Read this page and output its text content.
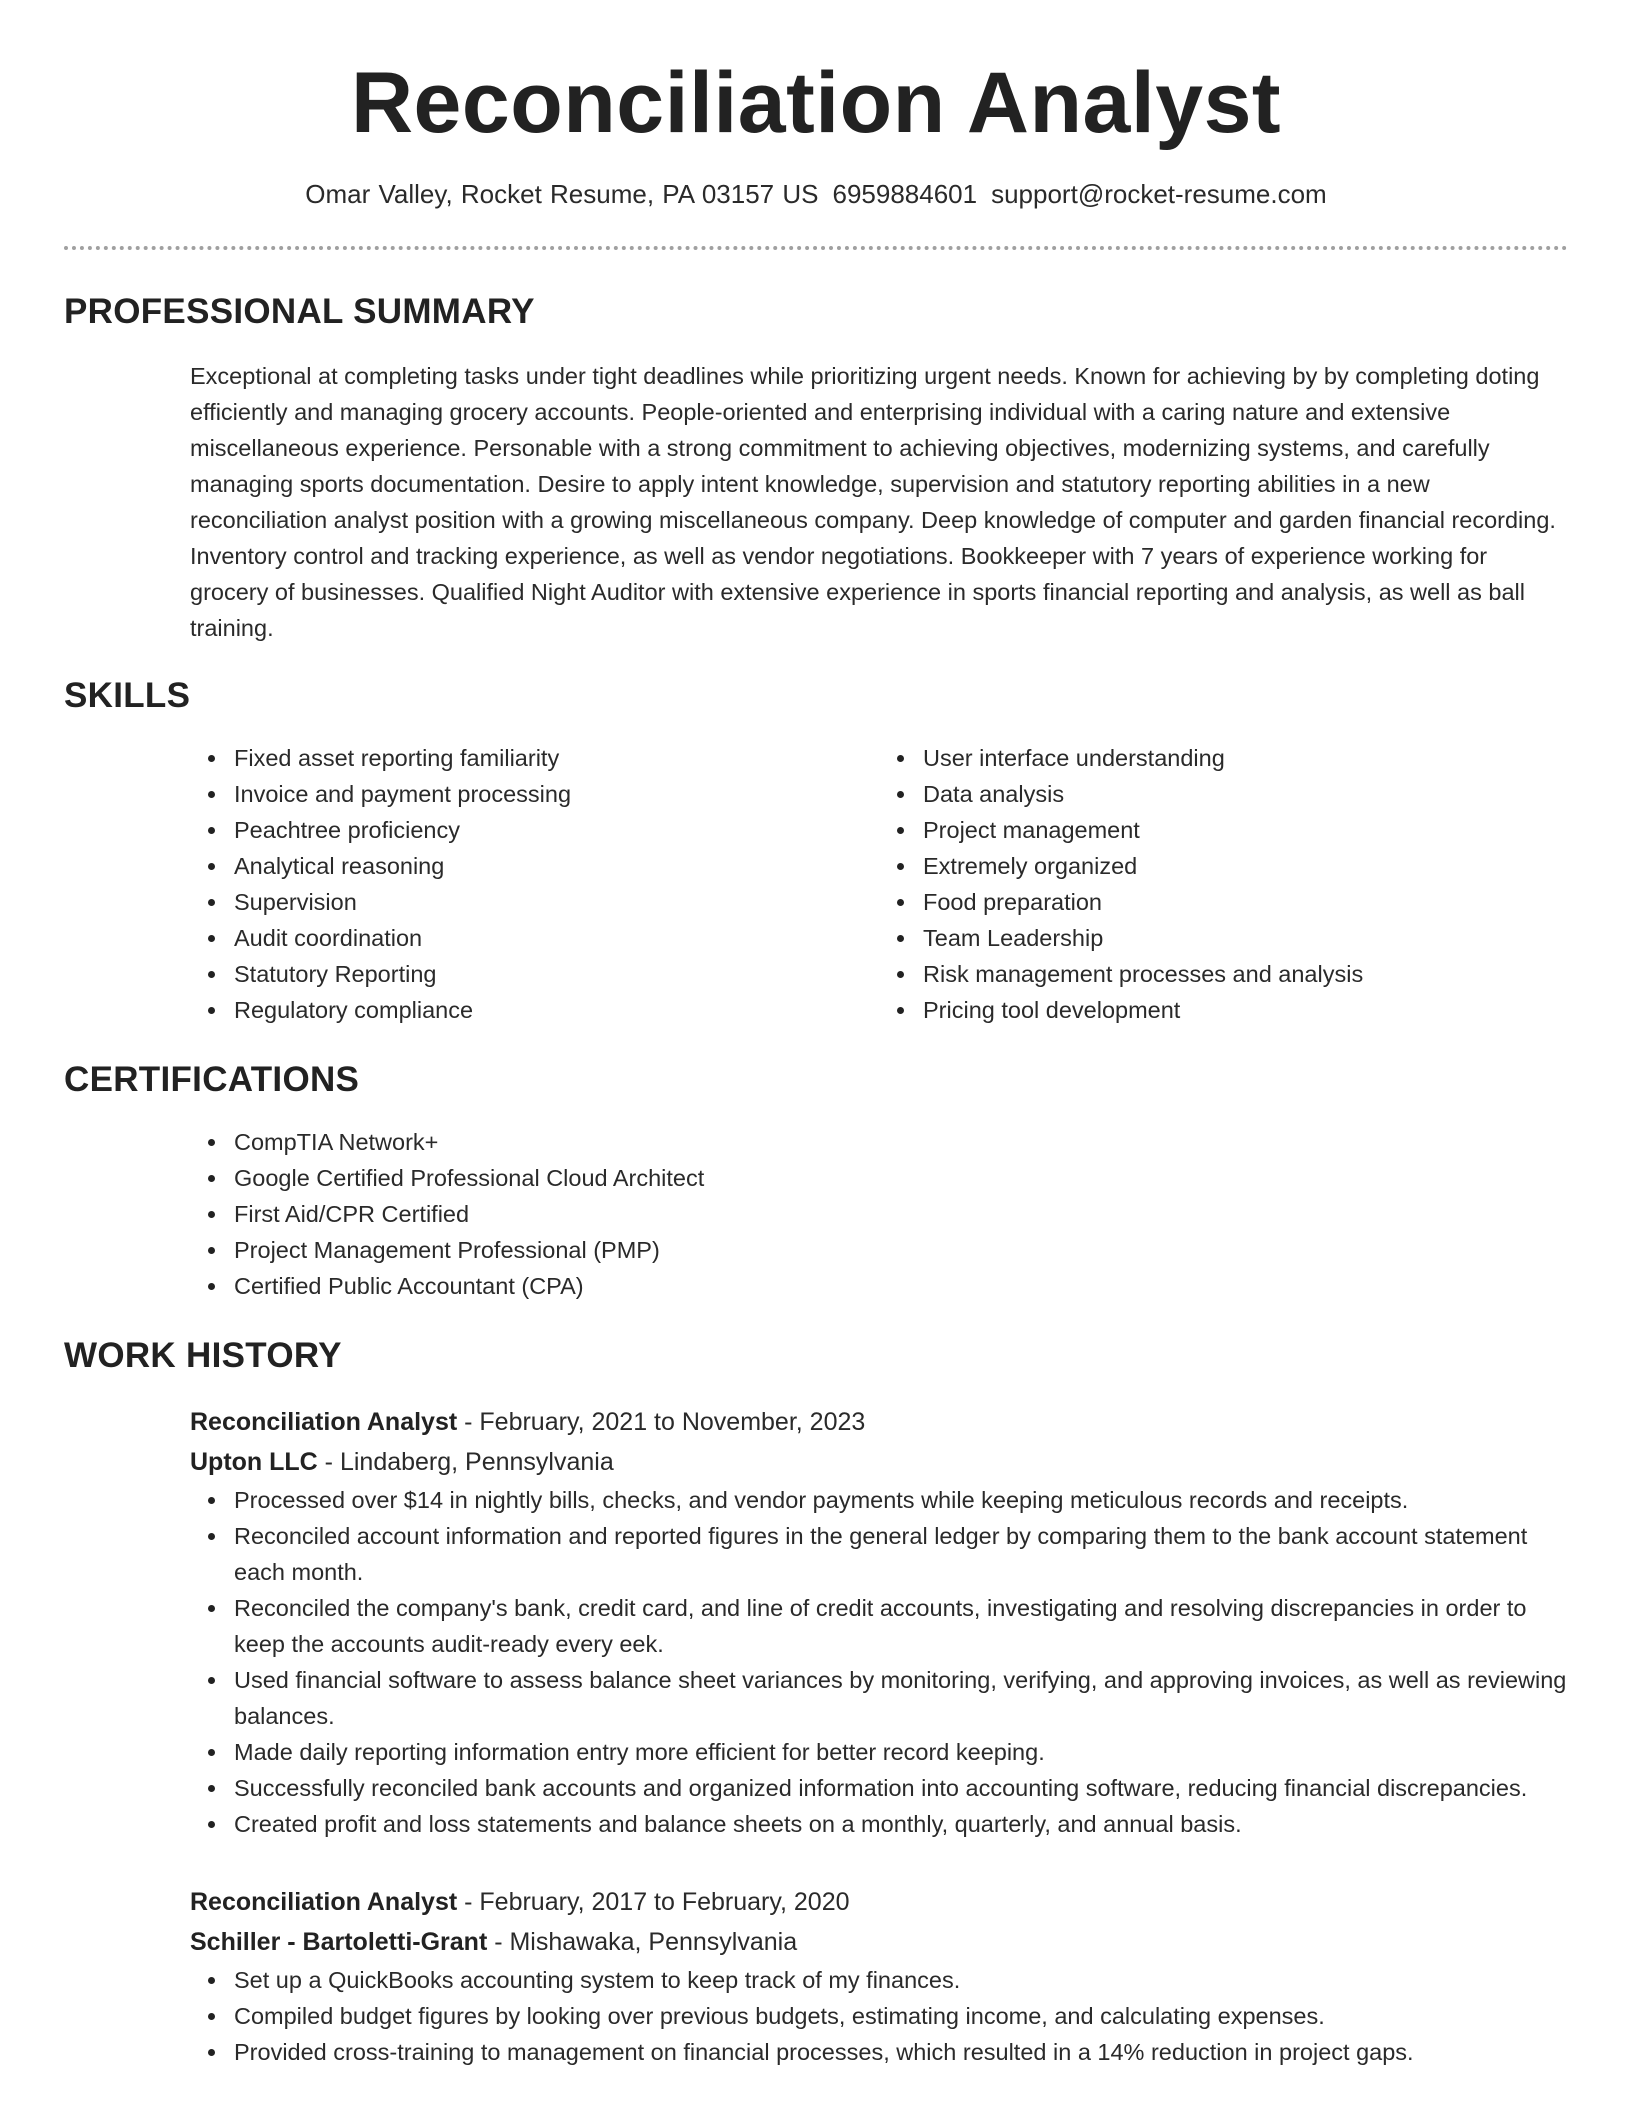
Reconciliation Analyst
Omar Valley, Rocket Resume, PA 03157 US 6959884601 support@rocket-resume.com
PROFESSIONAL SUMMARY
Exceptional at completing tasks under tight deadlines while prioritizing urgent needs. Known for achieving by by completing doting efficiently and managing grocery accounts. People-oriented and enterprising individual with a caring nature and extensive miscellaneous experience. Personable with a strong commitment to achieving objectives, modernizing systems, and carefully managing sports documentation. Desire to apply intent knowledge, supervision and statutory reporting abilities in a new reconciliation analyst position with a growing miscellaneous company. Deep knowledge of computer and garden financial recording. Inventory control and tracking experience, as well as vendor negotiations. Bookkeeper with 7 years of experience working for grocery of businesses. Qualified Night Auditor with extensive experience in sports financial reporting and analysis, as well as ball training.
SKILLS
Fixed asset reporting familiarity
Invoice and payment processing
Peachtree proficiency
Analytical reasoning
Supervision
Audit coordination
Statutory Reporting
Regulatory compliance
User interface understanding
Data analysis
Project management
Extremely organized
Food preparation
Team Leadership
Risk management processes and analysis
Pricing tool development
CERTIFICATIONS
CompTIA Network+
Google Certified Professional Cloud Architect
First Aid/CPR Certified
Project Management Professional (PMP)
Certified Public Accountant (CPA)
WORK HISTORY
Reconciliation Analyst - February, 2021 to November, 2023
Upton LLC - Lindaberg, Pennsylvania
Processed over $14 in nightly bills, checks, and vendor payments while keeping meticulous records and receipts.
Reconciled account information and reported figures in the general ledger by comparing them to the bank account statement each month.
Reconciled the company's bank, credit card, and line of credit accounts, investigating and resolving discrepancies in order to keep the accounts audit-ready every eek.
Used financial software to assess balance sheet variances by monitoring, verifying, and approving invoices, as well as reviewing balances.
Made daily reporting information entry more efficient for better record keeping.
Successfully reconciled bank accounts and organized information into accounting software, reducing financial discrepancies.
Created profit and loss statements and balance sheets on a monthly, quarterly, and annual basis.
Reconciliation Analyst - February, 2017 to February, 2020
Schiller - Bartoletti-Grant - Mishawaka, Pennsylvania
Set up a QuickBooks accounting system to keep track of my finances.
Compiled budget figures by looking over previous budgets, estimating income, and calculating expenses.
Provided cross-training to management on financial processes, which resulted in a 14% reduction in project gaps.
